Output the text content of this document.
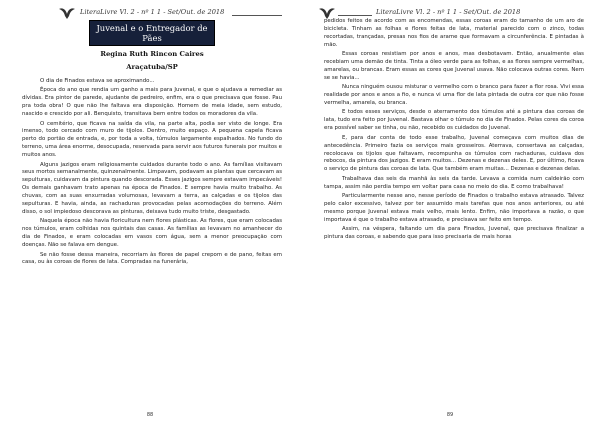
LiteraLivre Vl. 2 - nº 1 1 - Set/Out. de 2018
Juvenal e o Entregador de Pães
Regina Ruth Rincon Caires
Araçatuba/SP

O dia de Finados estava se aproximando...

Época do ano que rendia um ganho a mais para Juvenal, e que o ajudava a remediar as dívidas. Era pintor de parede, ajudante de pedreiro, enfim, era o que precisava que fosse. Pau pra toda obra! O que não lhe faltava era disposição. Homem de meia idade, sem estudo, nascido e crescido por ali. Benquisto, transitava bem entre todos os moradores da vila.

O cemitério, que ficava na saída da vila, na parte alta, podia ser visto de longe. Era imenso, todo cercado com muro de tijolos. Dentro, muito espaço. A pequena capela ficava perto do portão de entrada, e, por toda a volta, túmulos largamente espalhados. No fundo do terreno, uma área enorme, desocupada, reservada para servir aos futuros funerais por muitos e muitos anos.

Alguns jazigos eram religiosamente cuidados durante todo o ano. As famílias visitavam seus mortos semanalmente, quinzenalmente. Limpavam, podavam as plantas que cercavam as sepulturas, cuidavam da pintura quando descorada. Esses jazigos sempre estavam impecáveis! Os demais ganhavam trato apenas na época de Finados. E sempre havia muito trabalho. As chuvas, com as suas enxurradas volumosas, levavam a terra, as calçadas e os tijolos das sepulturas. E havia, ainda, as rachaduras provocadas pelas acomodações do terreno. Além disso, o sol impiedoso descorava as pinturas, deixava tudo muito triste, desgastado.

Naquela época não havia floricultura nem flores plásticas. As flores, que eram colocadas nos túmulos, eram colhidas nos quintais das casas. As famílias as levavam no amanhecer do dia de Finados, e eram colocadas em vasos com água, sem a menor preocupação com doenças. Não se falava em dengue.

Se não fosse dessa maneira, recorriam às flores de papel crepom e de pano, feitas em casa, ou às coroas de flores de lata. Compradas na funerária,

88
LiteraLivre Vl. 2 - nº 1 1 - Set/Out. de 2018

pedidos feitos de acordo com as encomendas, essas coroas eram do tamanho de um aro de bicicleta. Tinham as folhas e flores feitas de lata, material parecido com o zinco, todas recortadas, trançadas, presas nos fios de arame que formavam a circunferência. E pintadas à mão.

Essas coroas resistiam por anos e anos, mas desbotavam. Então, anualmente elas recebiam uma demão de tinta. Tinta a óleo verde para as folhas, e as flores sempre vermelhas, amarelas, ou brancas. Eram essas as cores que Juvenal usava. Não colocava outras cores. Nem se se havia...

Nunca ninguém ousou misturar o vermelho com o branco para fazer a flor rosa. Vivi essa realidade por anos e anos a fio, e nunca vi uma flor de lata pintada de outra cor que não fosse vermelha, amarela, ou branca.

E todos esses serviços, desde o aterramento dos túmulos até a pintura das coroas de lata, tudo era feito por Juvenal. Bastava olhar o túmulo no dia de Finados. Pelas cores da coroa era possível saber se tinha, ou não, recebido os cuidados do Juvenal.

E, para dar conta de todo esse trabalho, Juvenal começava com muitos dias de antecedência. Primeiro fazia os serviços mais grosseiros. Aterrava, consertava as calçadas, recolocava os tijolos que faltavam, recompunha os túmulos com rachaduras, cuidava dos rebocos, da pintura dos jazigos. E eram muitos... Dezenas e dezenas deles. E, por último, ficava o serviço de pintura das coroas de lata. Que também eram muitas... Dezenas e dezenas delas.

Trabalhava das seis da manhã às seis da tarde. Levava a comida num caldeirão com tampa, assim não perdia tempo em voltar para casa no meio do dia. E como trabalhava!

Particularmente nesse ano, nesse período de Finados o trabalho estava atrasado. Talvez pelo calor excessivo, talvez por ter assumido mais tarefas que nos anos anteriores, ou até mesmo porque Juvenal estava mais velho, mais lento. Enfim, não importava a razão, o que importava é que o trabalho estava atrasado, e precisava ser feito em tempo.

Assim, na véspera, faltando um dia para Finados, Juvenal, que precisava finalizar a pintura das coroas, e sabendo que para isso precisaria de mais horas

89
